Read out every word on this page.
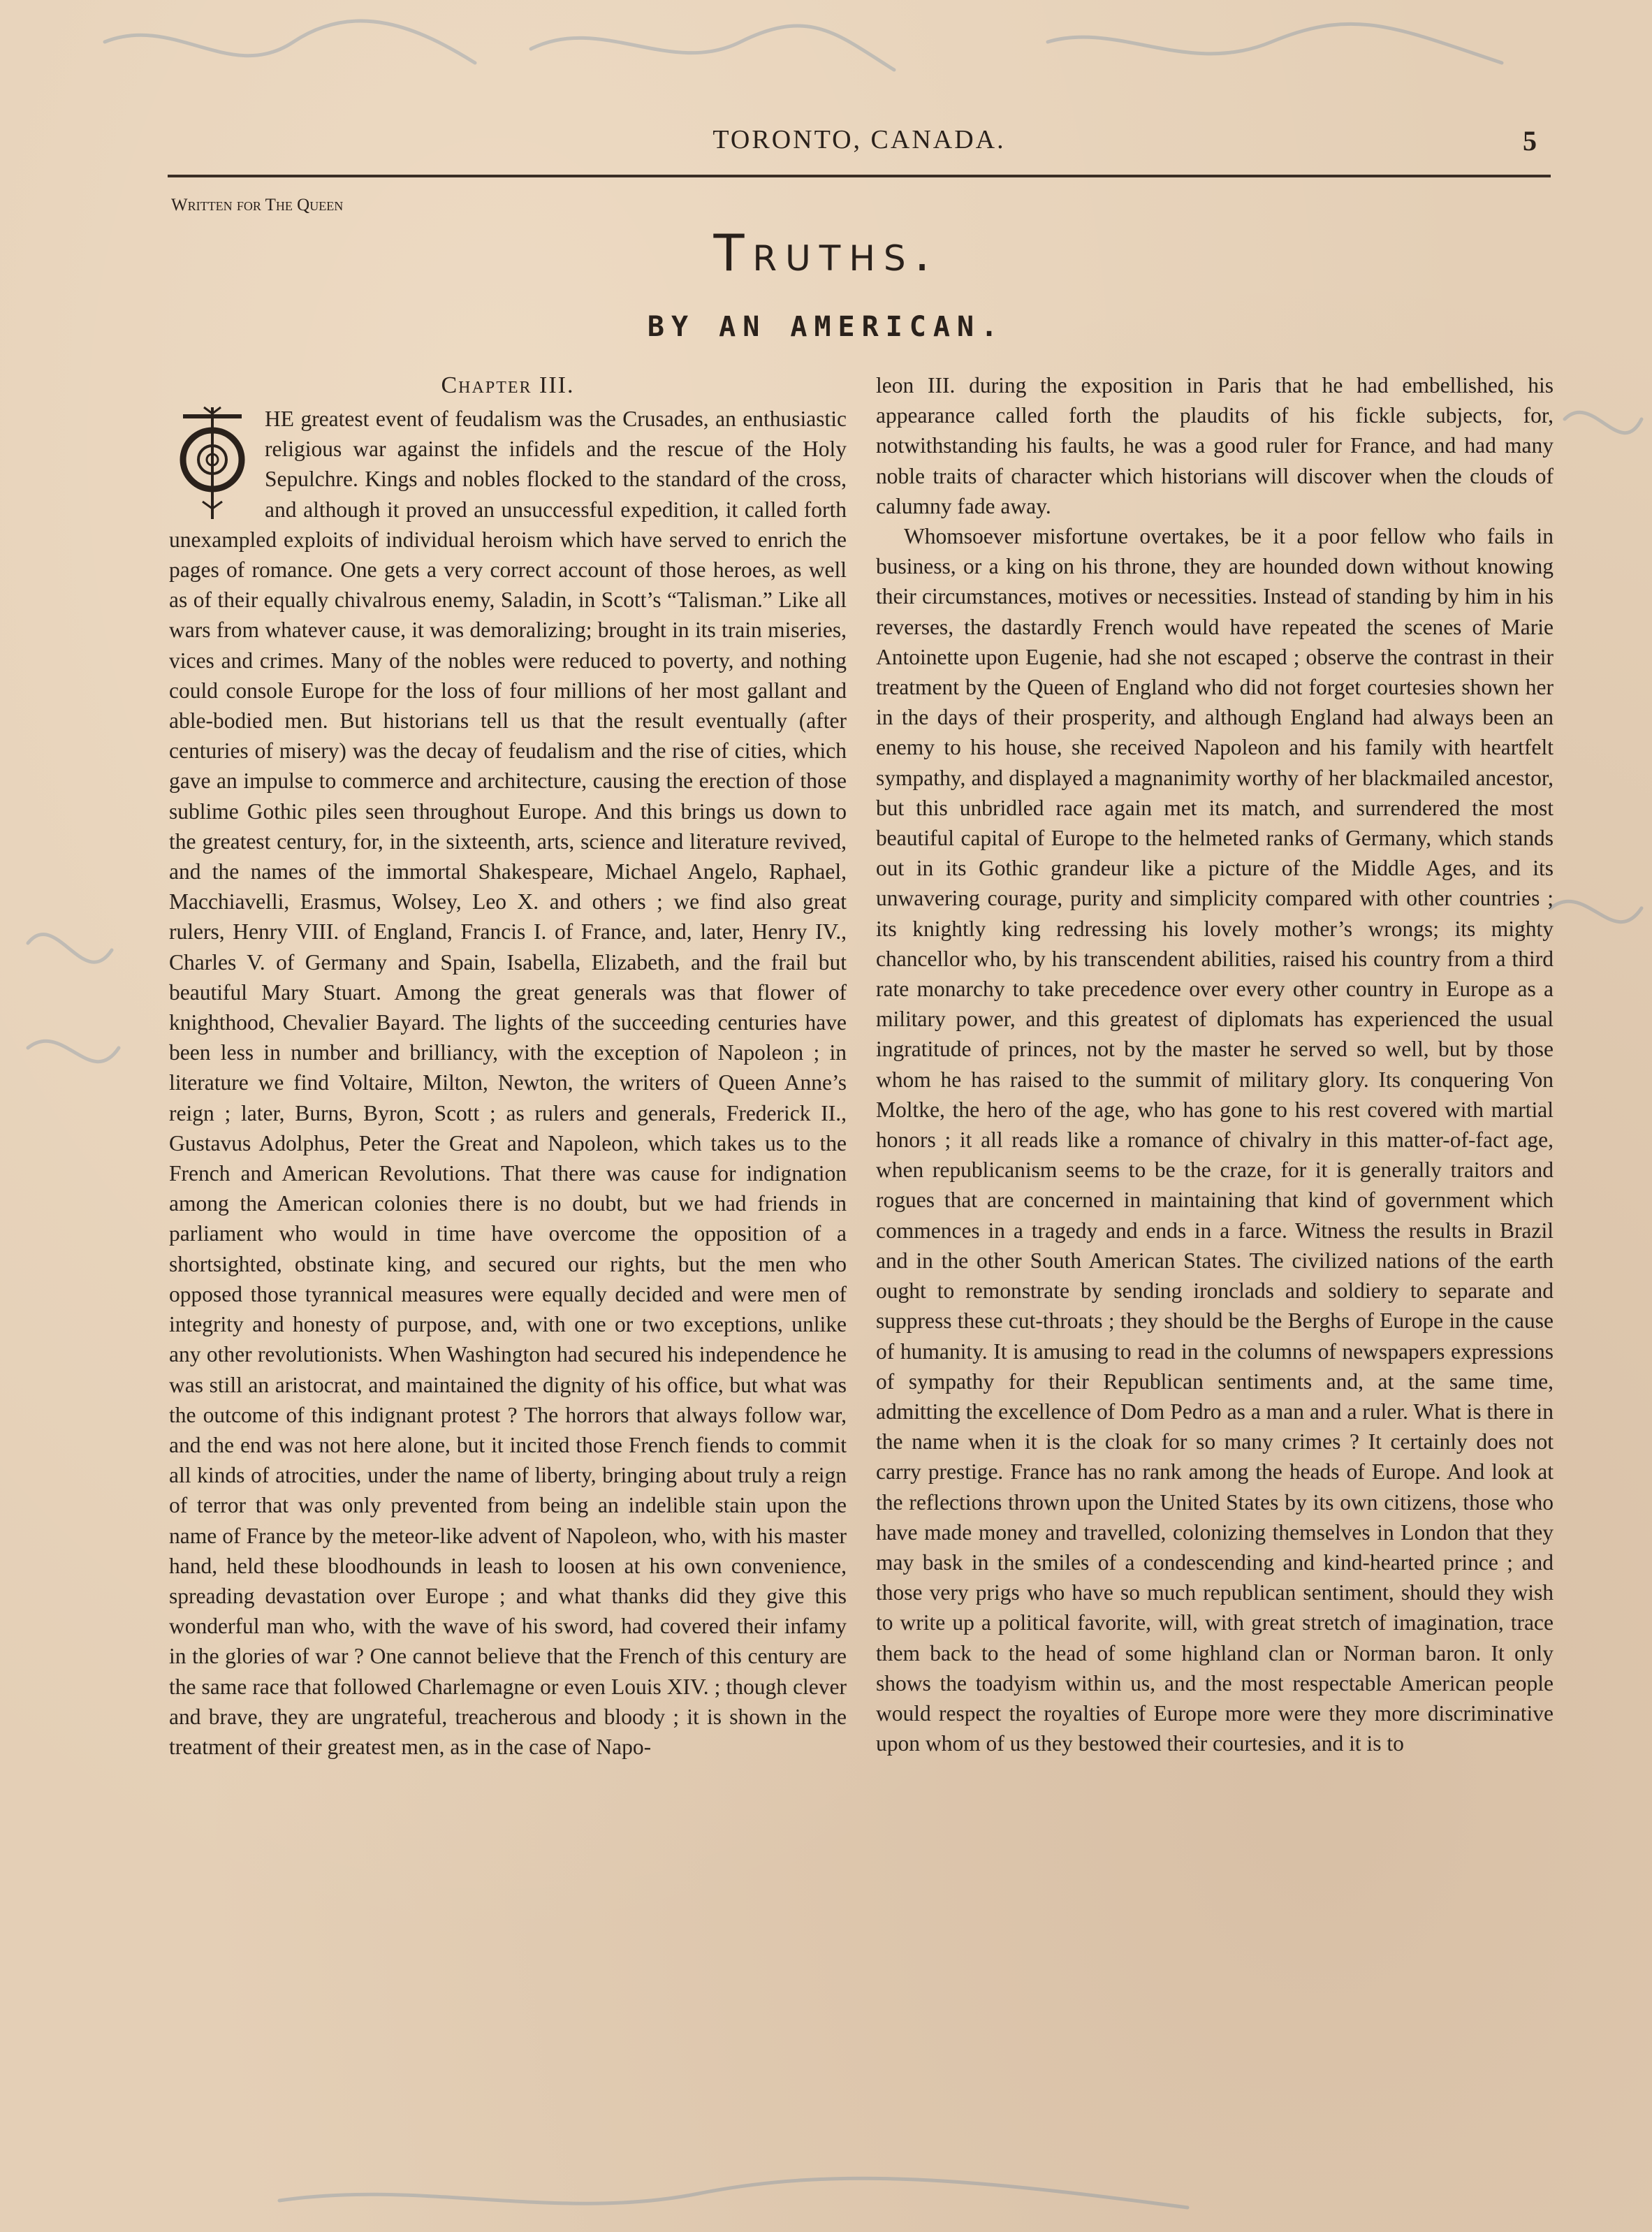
TORONTO, CANADA.	5
Written for The Queen
Truths.
BY AN AMERICAN.
Chapter III.

HE greatest event of feudalism was the Crusades, an enthusiastic religious war against the infidels and the rescue of the Holy Sepulchre. Kings and nobles flocked to the standard of the cross, and although it proved an unsuccessful expedition, it called forth unexampled exploits of individual heroism which have served to enrich the pages of romance. One gets a very correct account of those heroes, as well as of their equally chivalrous enemy, Saladin, in Scott’s “Talisman.” Like all wars from whatever cause, it was demoralizing; brought in its train miseries, vices and crimes. Many of the nobles were reduced to poverty, and nothing could console Europe for the loss of four millions of her most gallant and able-bodied men. But historians tell us that the result eventually (after centuries of misery) was the decay of feudalism and the rise of cities, which gave an impulse to commerce and architecture, causing the erection of those sublime Gothic piles seen throughout Europe. And this brings us down to the greatest century, for, in the sixteenth, arts, science and literature revived, and the names of the immortal Shakespeare, Michael Angelo, Raphael, Macchiavelli, Erasmus, Wolsey, Leo X. and others ; we find also great rulers, Henry VIII. of England, Francis I. of France, and, later, Henry IV., Charles V. of Germany and Spain, Isabella, Elizabeth, and the frail but beautiful Mary Stuart. Among the great generals was that flower of knighthood, Chevalier Bayard. The lights of the succeeding centuries have been less in number and brilliancy, with the exception of Napoleon ; in literature we find Voltaire, Milton, Newton, the writers of Queen Anne’s reign ; later, Burns, Byron, Scott ; as rulers and generals, Frederick II., Gustavus Adolphus, Peter the Great and Napoleon, which takes us to the French and American Revolutions. That there was cause for indignation among the American colonies there is no doubt, but we had friends in parliament who would in time have overcome the opposition of a shortsighted, obstinate king, and secured our rights, but the men who opposed those tyrannical measures were equally decided and were men of integrity and honesty of purpose, and, with one or two exceptions, unlike any other revolutionists. When Washington had secured his independence he was still an aristocrat, and maintained the dignity of his office, but what was the outcome of this indignant protest ? The horrors that always follow war, and the end was not here alone, but it incited those French fiends to commit all kinds of atrocities, under the name of liberty, bringing about truly a reign of terror that was only prevented from being an indelible stain upon the name of France by the meteor-like advent of Napoleon, who, with his master hand, held these bloodhounds in leash to loosen at his own convenience, spreading devastation over Europe ; and what thanks did they give this wonderful man who, with the wave of his sword, had covered their infamy in the glories of war ? One cannot believe that the French of this century are the same race that followed Charlemagne or even Louis XIV. ; though clever and brave, they are ungrateful, treacherous and bloody ; it is shown in the treatment of their greatest men, as in the case of Napo-

leon III. during the exposition in Paris that he had embellished, his appearance called forth the plaudits of his fickle subjects, for, notwithstanding his faults, he was a good ruler for France, and had many noble traits of character which historians will discover when the clouds of calumny fade away.

Whomsoever misfortune overtakes, be it a poor fellow who fails in business, or a king on his throne, they are hounded down without knowing their circumstances, motives or necessities. Instead of standing by him in his reverses, the dastardly French would have repeated the scenes of Marie Antoinette upon Eugenie, had she not escaped ; observe the contrast in their treatment by the Queen of England who did not forget courtesies shown her in the days of their prosperity, and although England had always been an enemy to his house, she received Napoleon and his family with heartfelt sympathy, and displayed a magnanimity worthy of her blackmailed ancestor, but this unbridled race again met its match, and surrendered the most beautiful capital of Europe to the helmeted ranks of Germany, which stands out in its Gothic grandeur like a picture of the Middle Ages, and its unwavering courage, purity and simplicity compared with other countries ; its knightly king redressing his lovely mother’s wrongs; its mighty chancellor who, by his transcendent abilities, raised his country from a third rate monarchy to take precedence over every other country in Europe as a military power, and this greatest of diplomats has experienced the usual ingratitude of princes, not by the master he served so well, but by those whom he has raised to the summit of military glory. Its conquering Von Moltke, the hero of the age, who has gone to his rest covered with martial honors ; it all reads like a romance of chivalry in this matter-of-fact age, when republicanism seems to be the craze, for it is generally traitors and rogues that are concerned in maintaining that kind of government which commences in a tragedy and ends in a farce. Witness the results in Brazil and in the other South American States. The civilized nations of the earth ought to remonstrate by sending ironclads and soldiery to separate and suppress these cut-throats ; they should be the Berghs of Europe in the cause of humanity. It is amusing to read in the columns of newspapers expressions of sympathy for their Republican sentiments and, at the same time, admitting the excellence of Dom Pedro as a man and a ruler. What is there in the name when it is the cloak for so many crimes ? It certainly does not carry prestige. France has no rank among the heads of Europe. And look at the reflections thrown upon the United States by its own citizens, those who have made money and travelled, colonizing themselves in London that they may bask in the smiles of a condescending and kind-hearted prince ; and those very prigs who have so much republican sentiment, should they wish to write up a political favorite, will, with great stretch of imagination, trace them back to the head of some highland clan or Norman baron. It only shows the toadyism within us, and the most respectable American people would respect the royalties of Europe more were they more discriminative upon whom of us they bestowed their courtesies, and it is to
